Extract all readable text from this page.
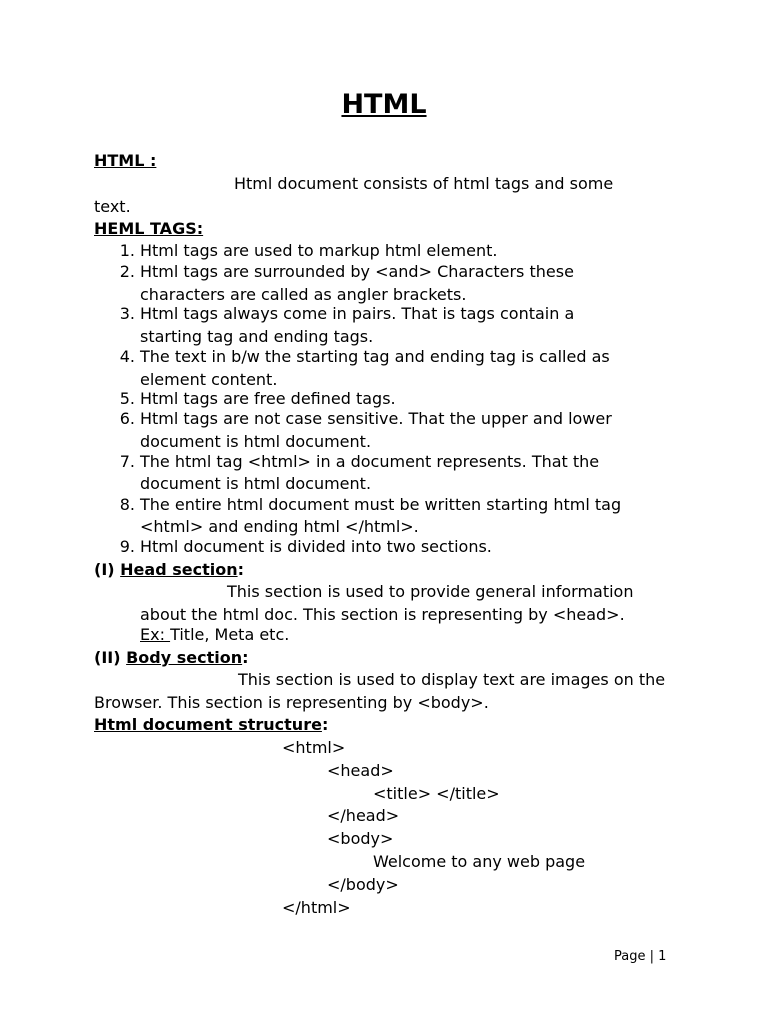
HTML
HTML :
Html document consists of html tags and some
text.
HEML TAGS:
1. Html tags are used to markup html element.
2. Html tags are surrounded by <and> Characters these
characters are called as angler brackets.
3. Html tags always come in pairs. That is tags contain a
starting tag and ending tags.
4. The text in b/w the starting tag and ending tag is called as
element content.
5. Html tags are free defined tags.
6. Html tags are not case sensitive. That the upper and lower
document is html document.
7. The html tag <html> in a document represents. That the
document is html document.
8. The entire html document must be written starting html tag
<html> and ending html </html>.
9. Html document is divided into two sections.
(I) Head section:
This section is used to provide general information
about the html doc. This section is representing by <head>.
Ex: Title, Meta etc.
(II) Body section:
This section is used to display text are images on the
Browser. This section is representing by <body>.
Html document structure:
<html>
<head>
<title> </title>
</head>
<body>
Welcome to any web page
</body>
</html>
Page | 1
